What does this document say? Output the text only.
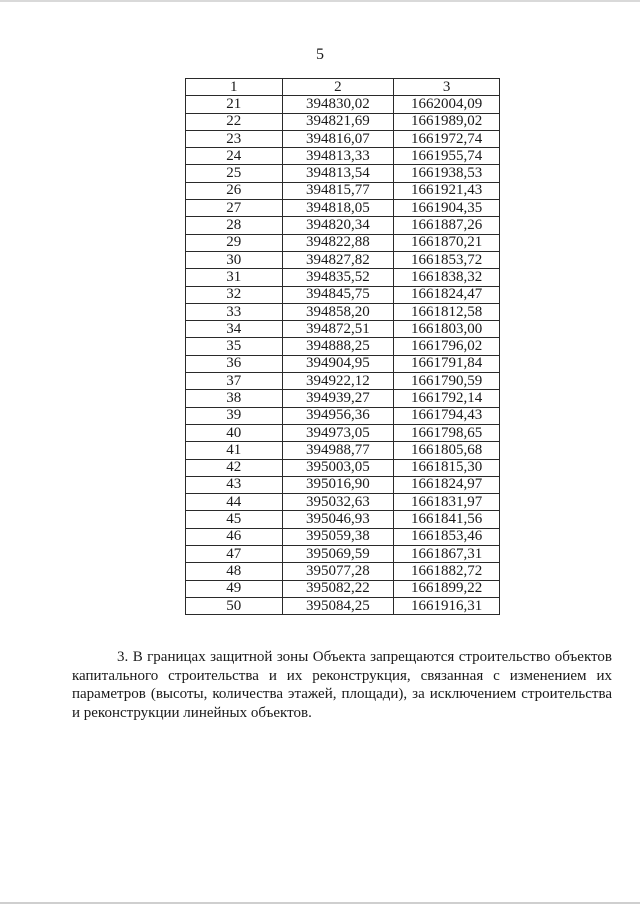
5
1	2	3
21	394830,02	1662004,09
22	394821,69	1661989,02
23	394816,07	1661972,74
24	394813,33	1661955,74
25	394813,54	1661938,53
26	394815,77	1661921,43
27	394818,05	1661904,35
28	394820,34	1661887,26
29	394822,88	1661870,21
30	394827,82	1661853,72
31	394835,52	1661838,32
32	394845,75	1661824,47
33	394858,20	1661812,58
34	394872,51	1661803,00
35	394888,25	1661796,02
36	394904,95	1661791,84
37	394922,12	1661790,59
38	394939,27	1661792,14
39	394956,36	1661794,43
40	394973,05	1661798,65
41	394988,77	1661805,68
42	395003,05	1661815,30
43	395016,90	1661824,97
44	395032,63	1661831,97
45	395046,93	1661841,56
46	395059,38	1661853,46
47	395069,59	1661867,31
48	395077,28	1661882,72
49	395082,22	1661899,22
50	395084,25	1661916,31

3. В границах защитной зоны Объекта запрещаются строительство объектов капитального строительства и их реконструкция, связанная с изменением их параметров (высоты, количества этажей, площади), за исключением строительства и реконструкции линейных объектов.
